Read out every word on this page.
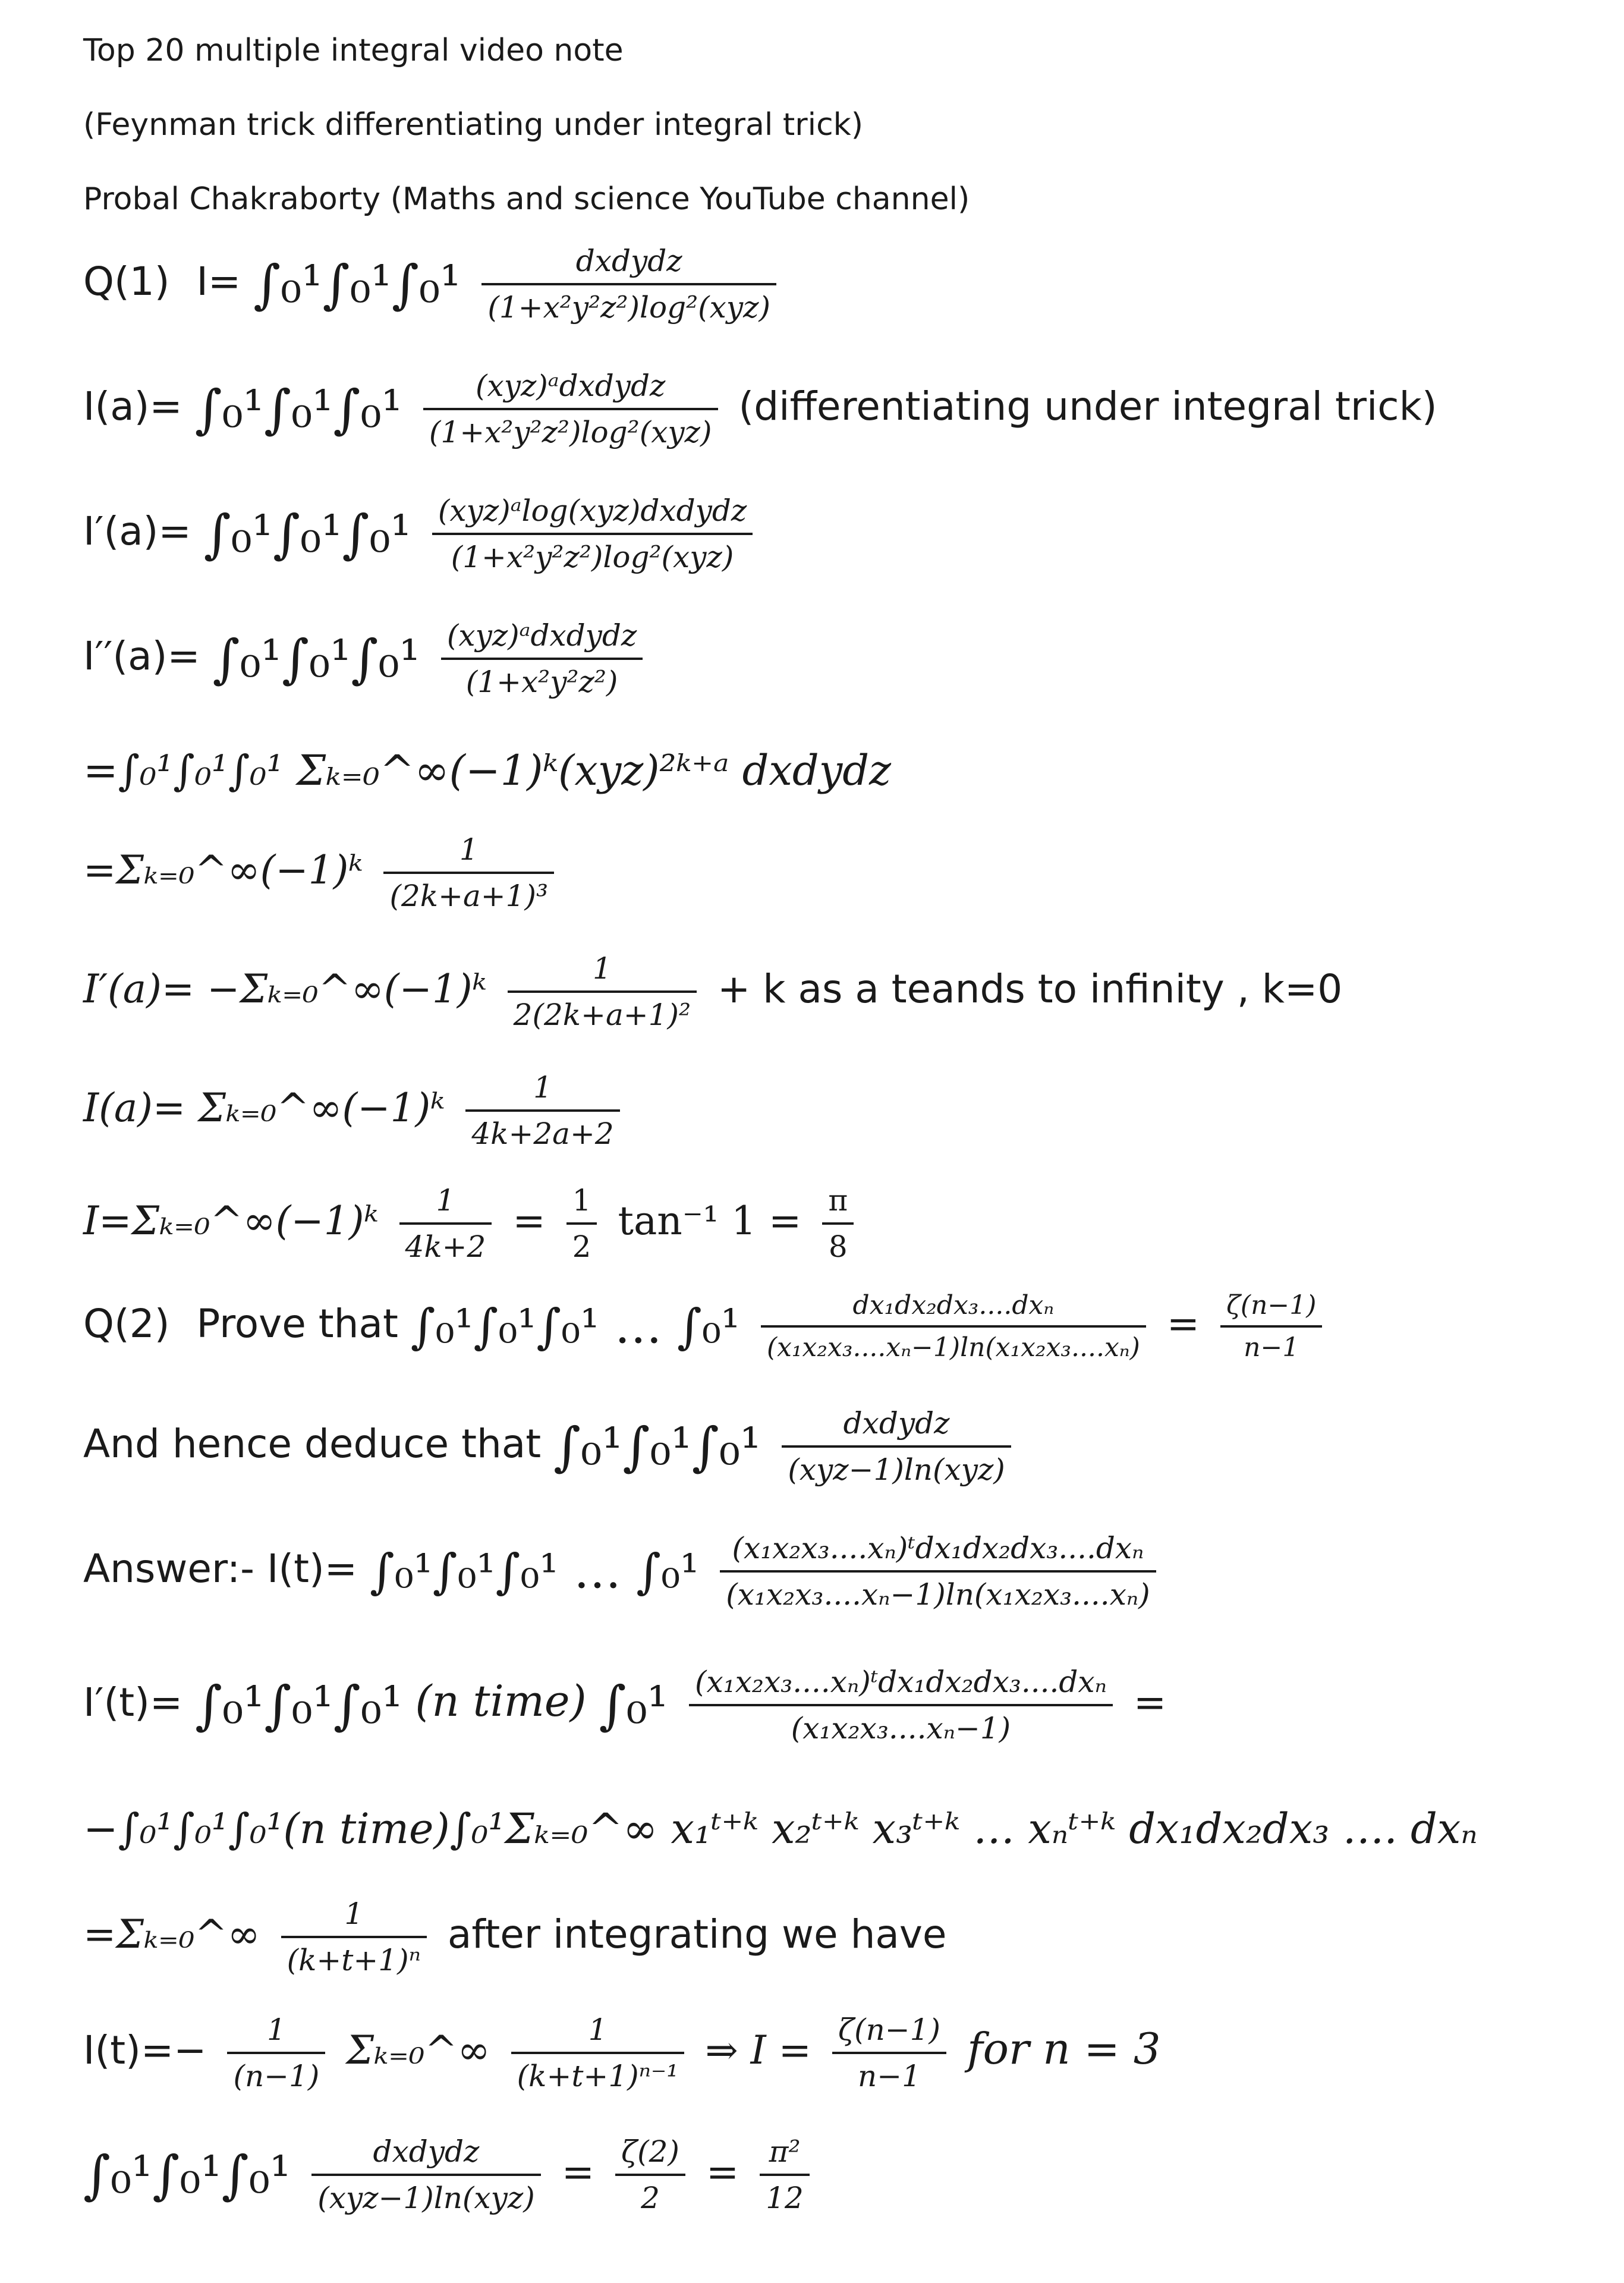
Top 20 multiple integral video note
(Feynman trick differentiating under integral trick)
Probal Chakraborty (Maths and science YouTube channel)
Q(1) $I= \int_0^1\int_0^1\int_0^1 \frac{\text{dxdydz}}{\text{(1+x²y²z²)log²(xyz)}}$
$I(a)= \int_0^1\int_0^1\int_0^1 \frac{\text{(xyz)ᵃdxdydz}}{\text{(1+x²y²z²)log²(xyz)}}$ (differentiating under integral trick)
$I'(a)= \int_0^1\int_0^1\int_0^1 \frac{\text{(xyz)ᵃlog(xyz)dxdydz}}{\text{(1+x²y²z²)log²(xyz)}}$
$I''(a)= \int_0^1\int_0^1\int_0^1 \frac{\text{(xyz)ᵃdxdydz}}{\text{(1+x²y²z²)}}$
=∫₀¹∫₀¹∫₀¹ Σₖ₌₀^∞(−1)ᵏ(xyz)²ᵏ⁺ᵃ dxdydz
=Σₖ₌₀^∞(−1)ᵏ $\frac{1}{\text{(2k+a+1)³}}$
I′(a)= −Σₖ₌₀^∞(−1)ᵏ $\frac{1}{\text{2(2k+a+1)²}} + k$ as a teands to infinity , k=0
I(a)= Σₖ₌₀^∞(−1)ᵏ $\frac{1}{4k+2a+2}$
I=Σₖ₌₀^∞(−1)ᵏ $\frac{1}{4k+2} = \frac{1}{2} \tan^{-1}$ $1 = \frac{\pi}{8}$
Q(2) Prove that ∫₀¹∫₀¹∫₀¹ … $\int_0^1 \frac{\text{dx₁dx₂dx₃....dxₙ}}{\text{(x₁x₂x₃....xₙ−1)ln(x₁x₂x₃....xₙ)}} = \frac{\zeta(n-1)}{n-1}$
And hence deduce that $\int_0^1\int_0^1\int_0^1 \frac{\text{dxdydz}}{\text{(xyz−1)ln(xyz)}}$
Answer:- I(t)= ∫₀¹∫₀¹∫₀¹ … $\int_0^1 \frac{\text{(x₁x₂x₃....xₙ)ᵗdx₁dx₂dx₃....dxₙ}}{\text{(x₁x₂x₃....xₙ−1)ln(x₁x₂x₃....xₙ)}}$
I′(t)= ∫₀¹∫₀¹∫₀¹ (n time) $\int_0^1 \frac{\text{(x₁x₂x₃....xₙ)ᵗdx₁dx₂dx₃....dxₙ}}{\text{(x₁x₂x₃....xₙ−1)}}$ =
−∫₀¹∫₀¹∫₀¹(n time)∫₀¹Σₖ₌₀^∞ x₁ᵗ⁺ᵏ x₂ᵗ⁺ᵏ x₃ᵗ⁺ᵏ … xₙᵗ⁺ᵏ dx₁dx₂dx₃ …. dxₙ
=Σₖ₌₀^∞ $\frac{1}{\text{(k+t+1)ⁿ}}$ after integrating we have
$I(t)=- \frac{1}{(n-1)}$ Σₖ₌₀^∞ $\frac{1}{\text{(k+t+1)ⁿ⁻¹}}$ ⇒ $I = \frac{\zeta(n-1)}{n-1}$ for n = 3
$\int_0^1\int_0^1\int_0^1 \frac{\text{dxdydz}}{\text{(xyz−1)ln(xyz)}} = \frac{\zeta(2)}{2} = \frac{\text{π²}}{12}$
